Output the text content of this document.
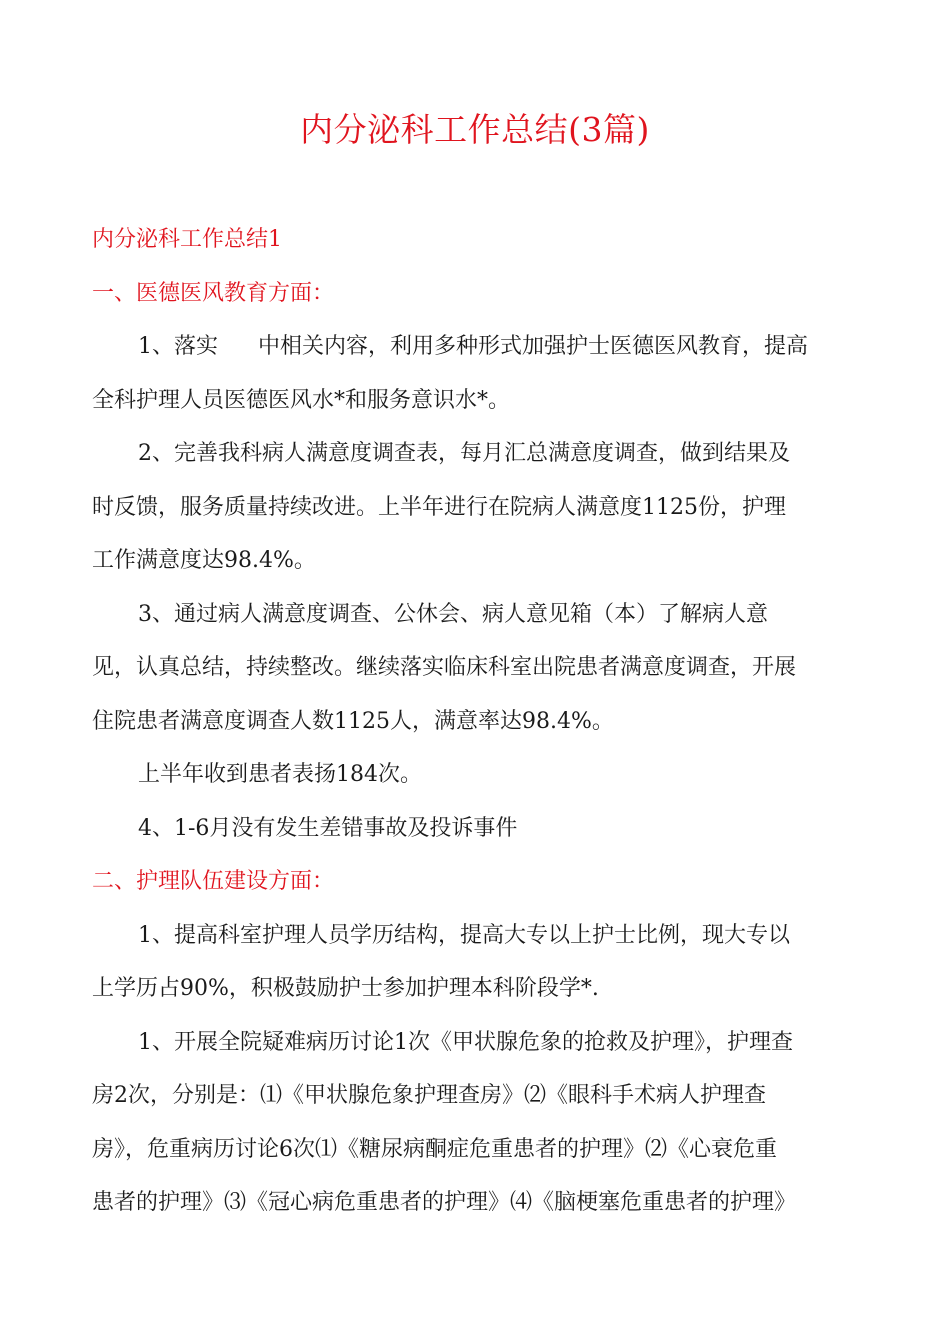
内分泌科工作总结(3篇)
内分泌科工作总结1
一、医德医风教育方面：
1、落实 中相关内容，利用多种形式加强护士医德医风教育，提高
全科护理人员医德医风水*和服务意识水*。
2、完善我科病人满意度调查表，每月汇总满意度调查，做到结果及
时反馈，服务质量持续改进。上半年进行在院病人满意度1125份，护理
工作满意度达98.4%。
3、通过病人满意度调查、公休会、病人意见箱（本）了解病人意
见，认真总结，持续整改。继续落实临床科室出院患者满意度调查，开展
住院患者满意度调查人数1125人，满意率达98.4%。
上半年收到患者表扬184次。
4、1-6月没有发生差错事故及投诉事件
二、护理队伍建设方面：
1、提高科室护理人员学历结构，提高大专以上护士比例，现大专以
上学历占90%，积极鼓励护士参加护理本科阶段学*.
1、开展全院疑难病历讨论1次《甲状腺危象的抢救及护理》，护理查
房2次，分别是：⑴《甲状腺危象护理查房》⑵《眼科手术病人护理查
房》，危重病历讨论6次⑴《糖尿病酮症危重患者的护理》⑵《心衰危重
患者的护理》⑶《冠心病危重患者的护理》⑷《脑梗塞危重患者的护理》
